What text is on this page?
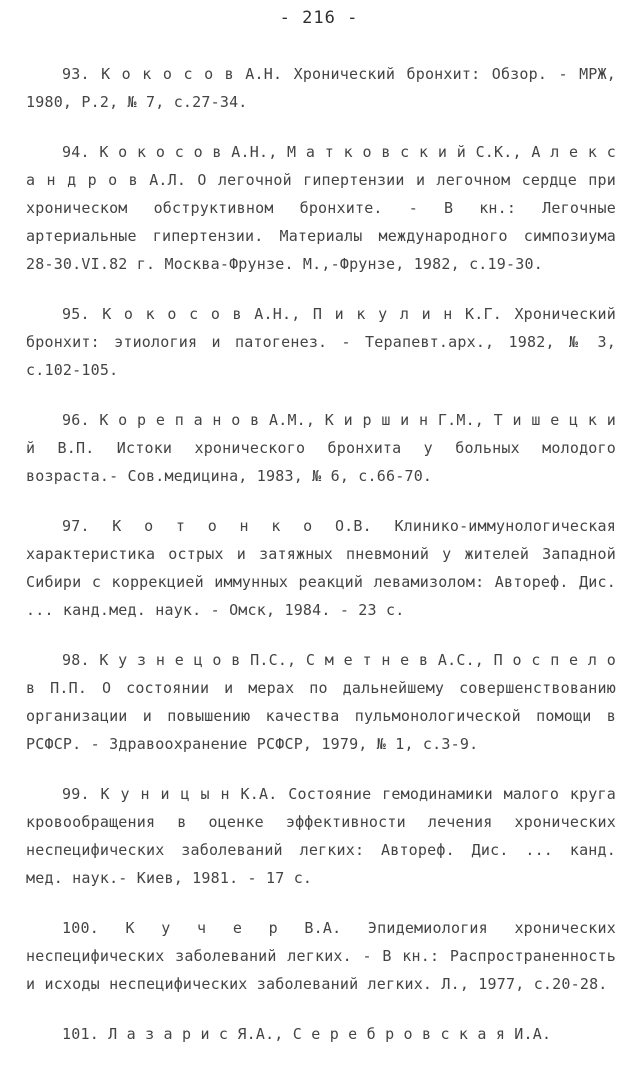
- 216 -

93. К о к о с о в А.Н. Хронический бронхит: Обзор. - МРЖ, 1980, Р.2, № 7, с.27-34.

94. К о к о с о в А.Н., М а т к о в с к и й С.К., А л е к с а н д р о в А.Л. О легочной гипертензии и легочном сердце при хроническом обструктивном бронхите. - В кн.: Легочные артериальные гипертензии. Материалы международного симпозиума 28-30.VI.82 г. Москва-Фрунзе. М.,-Фрунзе, 1982, с.19-30.

95. К о к о с о в А.Н., П и к у л и н К.Г. Хронический бронхит: этиология и патогенез. - Терапевт.арх., 1982, № 3, с.102-105.

96. К о р е п а н о в А.М., К и р ш и н Г.М., Т и ш е ц к и й В.П. Истоки хронического бронхита у больных молодого возраста.- Сов.медицина, 1983, № 6, с.66-70.

97. К о т о н к о О.В. Клинико-иммунологическая характеристика острых и затяжных пневмоний у жителей Западной Сибири с коррекцией иммунных реакций левамизолом: Автореф. Дис. ... канд.мед. наук. - Омск, 1984. - 23 с.

98. К у з н е ц о в П.С., С м е т н е в А.С., П о с п е л о в П.П. О состоянии и мерах по дальнейшему совершенствованию организации и повышению качества пульмонологической помощи в РСФСР. - Здравоохранение РСФСР, 1979, № 1, с.3-9.

99. К у н и ц ы н К.А. Состояние гемодинамики малого круга кровообращения в оценке эффективности лечения хронических неспецифических заболеваний легких: Автореф. Дис. ... канд. мед. наук.- Киев, 1981. - 17 с.

100. К у ч е р В.А. Эпидемиология хронических неспецифических заболеваний легких. - В кн.: Распространенность и исходы неспецифических заболеваний легких. Л., 1977, с.20-28.

101. Л а з а р и с Я.А., С е р е б р о в с к а я И.А.
